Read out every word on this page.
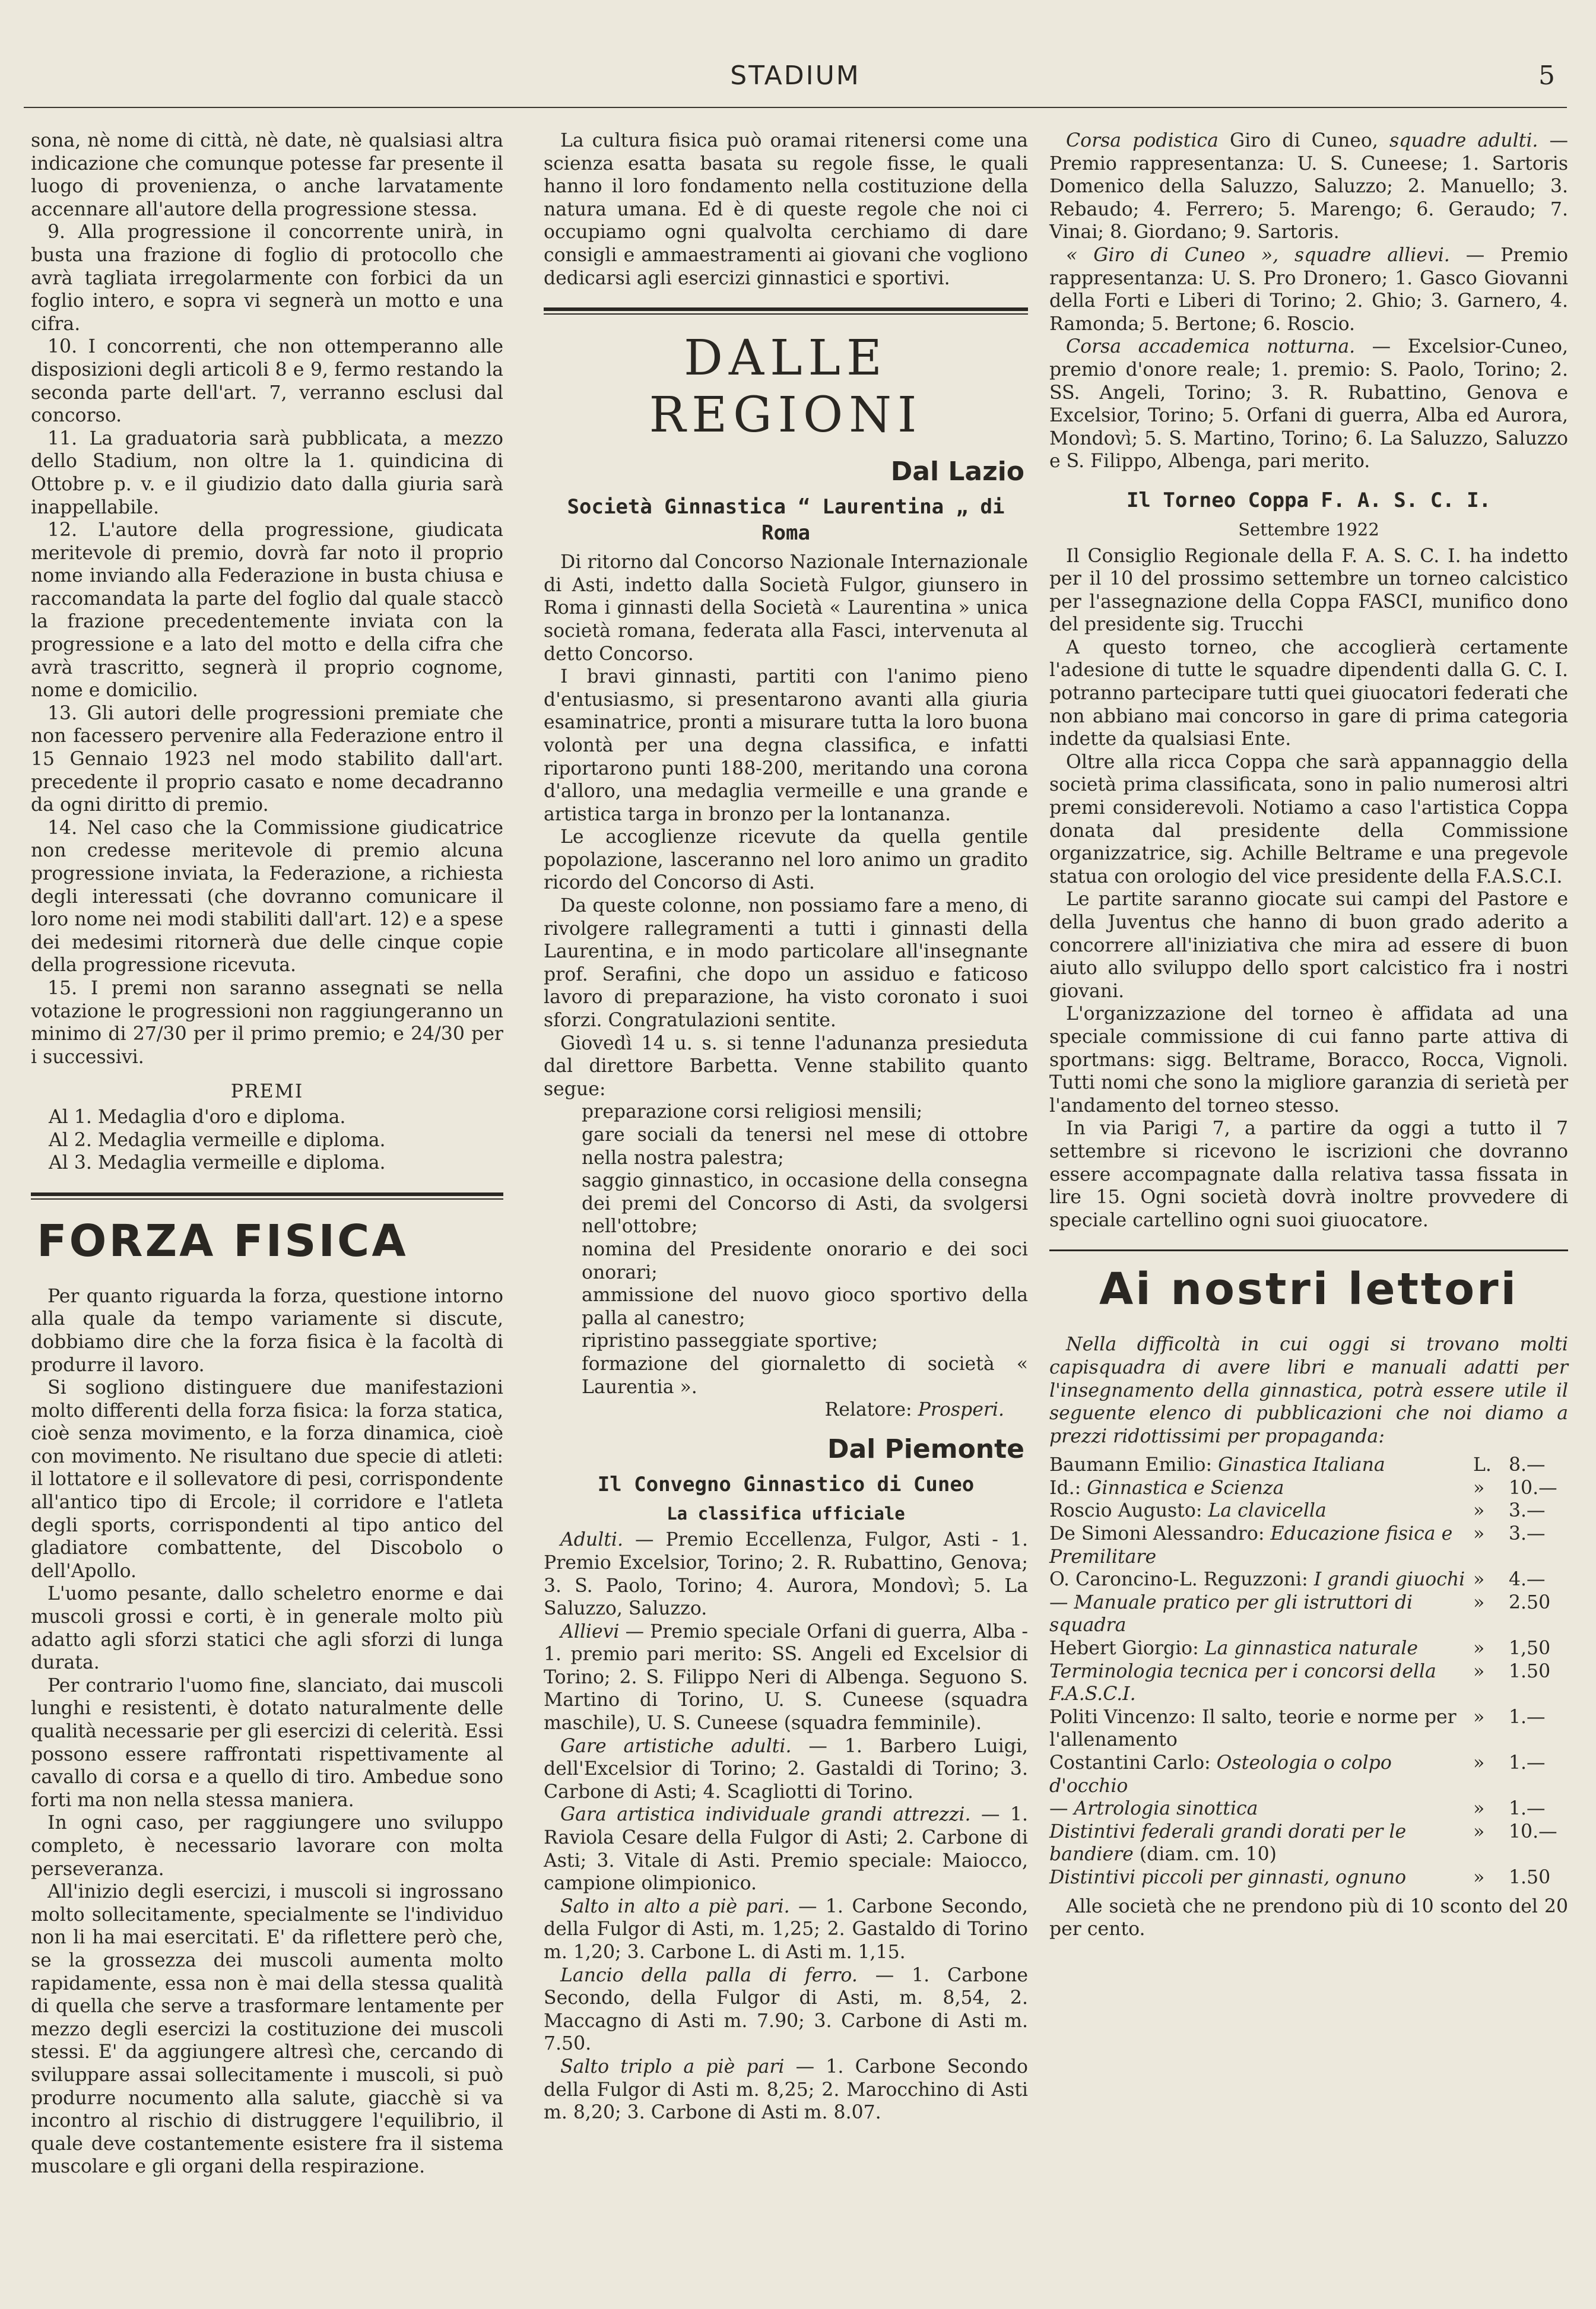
STADIUM	5

sona, nè nome di città, nè date, nè qualsiasi altra indicazione che comunque potesse far presente il luogo di provenienza, o anche larvatamente accennare all'autore della progressione stessa.

9. Alla progressione il concorrente unirà, in busta una frazione di foglio di protocollo che avrà tagliata irregolarmente con forbici da un foglio intero, e sopra vi segnerà un motto e una cifra.

10. I concorrenti, che non ottemperanno alle disposizioni degli articoli 8 e 9, fermo restando la seconda parte dell'art. 7, verranno esclusi dal concorso.

11. La graduatoria sarà pubblicata, a mezzo dello Stadium, non oltre la 1. quindicina di Ottobre p. v. e il giudizio dato dalla giuria sarà inappellabile.

12. L'autore della progressione, giudicata meritevole di premio, dovrà far noto il proprio nome inviando alla Federazione in busta chiusa e raccomandata la parte del foglio dal quale staccò la frazione precedentemente inviata con la progressione e a lato del motto e della cifra che avrà trascritto, segnerà il proprio cognome, nome e domicilio.

13. Gli autori delle progressioni premiate che non facessero pervenire alla Federazione entro il 15 Gennaio 1923 nel modo stabilito dall'art. precedente il proprio casato e nome decadranno da ogni diritto di premio.

14. Nel caso che la Commissione giudicatrice non credesse meritevole di premio alcuna progressione inviata, la Federazione, a richiesta degli interessati (che dovranno comunicare il loro nome nei modi stabiliti dall'art. 12) e a spese dei medesimi ritornerà due delle cinque copie della progressione ricevuta.

15. I premi non saranno assegnati se nella votazione le progressioni non raggiungeranno un minimo di 27/30 per il primo premio; e 24/30 per i successivi.

PREMI

Al 1. Medaglia d'oro e diploma.

Al 2. Medaglia vermeille e diploma.

Al 3. Medaglia vermeille e diploma.

FORZA FISICA

Per quanto riguarda la forza, questione intorno alla quale da tempo variamente si discute, dobbiamo dire che la forza fisica è la facoltà di produrre il lavoro.

Si sogliono distinguere due manifestazioni molto differenti della forza fisica: la forza statica, cioè senza movimento, e la forza dinamica, cioè con movimento. Ne risultano due specie di atleti: il lottatore e il sollevatore di pesi, corrispondente all'antico tipo di Ercole; il corridore e l'atleta degli sports, corrispondenti al tipo antico del gladiatore combattente, del Discobolo o dell'Apollo.

L'uomo pesante, dallo scheletro enorme e dai muscoli grossi e corti, è in generale molto più adatto agli sforzi statici che agli sforzi di lunga durata.

Per contrario l'uomo fine, slanciato, dai muscoli lunghi e resistenti, è dotato naturalmente delle qualità necessarie per gli esercizi di celerità. Essi possono essere raffrontati rispettivamente al cavallo di corsa e a quello di tiro. Ambedue sono forti ma non nella stessa maniera.

In ogni caso, per raggiungere uno sviluppo completo, è necessario lavorare con molta perseveranza.

All'inizio degli esercizi, i muscoli si ingrossano molto sollecitamente, specialmente se l'individuo non li ha mai esercitati. E' da riflettere però che, se la grossezza dei muscoli aumenta molto rapidamente, essa non è mai della stessa qualità di quella che serve a trasformare lentamente per mezzo degli esercizi la costituzione dei muscoli stessi. E' da aggiungere altresì che, cercando di sviluppare assai sollecitamente i muscoli, si può produrre nocumento alla salute, giacchè si va incontro al rischio di distruggere l'equilibrio, il quale deve costantemente esistere fra il sistema muscolare e gli organi della respirazione.

La cultura fisica può oramai ritenersi come una scienza esatta basata su regole fisse, le quali hanno il loro fondamento nella costituzione della natura umana. Ed è di queste regole che noi ci occupiamo ogni qualvolta cerchiamo di dare consigli e ammaestramenti ai giovani che vogliono dedicarsi agli esercizi ginnastici e sportivi.

DALLE REGIONI
Dal Lazio
Società Ginnastica “ Laurentina „ di Roma

Di ritorno dal Concorso Nazionale Internazionale di Asti, indetto dalla Società Fulgor, giunsero in Roma i ginnasti della Società « Laurentina » unica società romana, federata alla Fasci, intervenuta al detto Concorso.

I bravi ginnasti, partiti con l'animo pieno d'entusiasmo, si presentarono avanti alla giuria esaminatrice, pronti a misurare tutta la loro buona volontà per una degna classifica, e infatti riportarono punti 188-200, meritando una corona d'alloro, una medaglia vermeille e una grande e artistica targa in bronzo per la lontananza.

Le accoglienze ricevute da quella gentile popolazione, lasceranno nel loro animo un gradito ricordo del Concorso di Asti.

Da queste colonne, non possiamo fare a meno, di rivolgere rallegramenti a tutti i ginnasti della Laurentina, e in modo particolare all'insegnante prof. Serafini, che dopo un assiduo e faticoso lavoro di preparazione, ha visto coronato i suoi sforzi. Congratulazioni sentite.

Giovedì 14 u. s. si tenne l'adunanza presieduta dal direttore Barbetta. Venne stabilito quanto segue:

preparazione corsi religiosi mensili;

gare sociali da tenersi nel mese di ottobre nella nostra palestra;

saggio ginnastico, in occasione della consegna dei premi del Concorso di Asti, da svolgersi nell'ottobre;

nomina del Presidente onorario e dei soci onorari;

ammissione del nuovo gioco sportivo della palla al canestro;

ripristino passeggiate sportive;

formazione del giornaletto di società « Laurentia ».

Relatore: Prosperi.

Dal Piemonte
Il Convegno Ginnastico di Cuneo
La classifica ufficiale

Adulti. — Premio Eccellenza, Fulgor, Asti - 1. Premio Excelsior, Torino; 2. R. Rubattino, Genova; 3. S. Paolo, Torino; 4. Aurora, Mondovì; 5. La Saluzzo, Saluzzo.

Allievi — Premio speciale Orfani di guerra, Alba - 1. premio pari merito: SS. Angeli ed Excelsior di Torino; 2. S. Filippo Neri di Albenga. Seguono S. Martino di Torino, U. S. Cuneese (squadra maschile), U. S. Cuneese (squadra femminile).

Gare artistiche adulti. — 1. Barbero Luigi, dell'Excelsior di Torino; 2. Gastaldi di Torino; 3. Carbone di Asti; 4. Scagliotti di Torino.

Gara artistica individuale grandi attrezzi. — 1. Raviola Cesare della Fulgor di Asti; 2. Carbone di Asti; 3. Vitale di Asti. Premio speciale: Maiocco, campione olimpionico.

Salto in alto a piè pari. — 1. Carbone Secondo, della Fulgor di Asti, m. 1,25; 2. Gastaldo di Torino m. 1,20; 3. Carbone L. di Asti m. 1,15.

Lancio della palla di ferro. — 1. Carbone Secondo, della Fulgor di Asti, m. 8,54, 2. Maccagno di Asti m. 7.90; 3. Carbone di Asti m. 7.50.

Salto triplo a piè pari — 1. Carbone Secondo della Fulgor di Asti m. 8,25; 2. Marocchino di Asti m. 8,20; 3. Carbone di Asti m. 8.07.

Corsa podistica Giro di Cuneo, squadre adulti. — Premio rappresentanza: U. S. Cuneese; 1. Sartoris Domenico della Saluzzo, Saluzzo; 2. Manuello; 3. Rebaudo; 4. Ferrero; 5. Marengo; 6. Geraudo; 7. Vinai; 8. Giordano; 9. Sartoris.

« Giro di Cuneo », squadre allievi. — Premio rappresentanza: U. S. Pro Dronero; 1. Gasco Giovanni della Forti e Liberi di Torino; 2. Ghio; 3. Garnero, 4. Ramonda; 5. Bertone; 6. Roscio.

Corsa accademica notturna. — Excelsior-Cuneo, premio d'onore reale; 1. premio: S. Paolo, Torino; 2. SS. Angeli, Torino; 3. R. Rubattino, Genova e Excelsior, Torino; 5. Orfani di guerra, Alba ed Aurora, Mondovì; 5. S. Martino, Torino; 6. La Saluzzo, Saluzzo e S. Filippo, Albenga, pari merito.

Il Torneo Coppa F. A. S. C. I.
Settembre 1922

Il Consiglio Regionale della F. A. S. C. I. ha indetto per il 10 del prossimo settembre un torneo calcistico per l'assegnazione della Coppa FASCI, munifico dono del presidente sig. Trucchi

A questo torneo, che accoglierà certamente l'adesione di tutte le squadre dipendenti dalla G. C. I. potranno partecipare tutti quei giuocatori federati che non abbiano mai concorso in gare di prima categoria indette da qualsiasi Ente.

Oltre alla ricca Coppa che sarà appannaggio della società prima classificata, sono in palio numerosi altri premi considerevoli. Notiamo a caso l'artistica Coppa donata dal presidente della Commissione organizzatrice, sig. Achille Beltrame e una pregevole statua con orologio del vice presidente della F.A.S.C.I.

Le partite saranno giocate sui campi del Pastore e della Juventus che hanno di buon grado aderito a concorrere all'iniziativa che mira ad essere di buon aiuto allo sviluppo dello sport calcistico fra i nostri giovani.

L'organizzazione del torneo è affidata ad una speciale commissione di cui fanno parte attiva di sportmans: sigg. Beltrame, Boracco, Rocca, Vignoli. Tutti nomi che sono la migliore garanzia di serietà per l'andamento del torneo stesso.

In via Parigi 7, a partire da oggi a tutto il 7 settembre si ricevono le iscrizioni che dovranno essere accompagnate dalla relativa tassa fissata in lire 15. Ogni società dovrà inoltre provvedere di speciale cartellino ogni suoi giuocatore.

Ai nostri lettori

Nella difficoltà in cui oggi si trovano molti capisquadra di avere libri e manuali adatti per l'insegnamento della ginnastica, potrà essere utile il seguente elenco di pubblicazioni che noi diamo a prezzi ridottissimi per propaganda:

Baumann Emilio: Ginastica Italiana	L. 8.—
Id.: Ginnastica e Scienza	» 10.—
Roscio Augusto: La clavicella	» 3.—
De Simoni Alessandro: Educazione fisica e Premilitare	» 3.—
O. Caroncino-L. Reguzzoni: I grandi giuochi	» 4.—
— Manuale pratico per gli istruttori di squadra	» 2.50
Hebert Giorgio: La ginnastica naturale	» 1,50
Terminologia tecnica per i concorsi della F.A.S.C.I.	» 1.50
Politi Vincenzo: Il salto, teorie e norme per l'allenamento	» 1.—
Costantini Carlo: Osteologia o colpo d'occhio	» 1.—
— Artrologia sinottica	» 1.—
Distintivi federali grandi dorati per le bandiere (diam. cm. 10)	» 10.—
Distintivi piccoli per ginnasti, ognuno	» 1.50

Alle società che ne prendono più di 10 sconto del 20 per cento.
